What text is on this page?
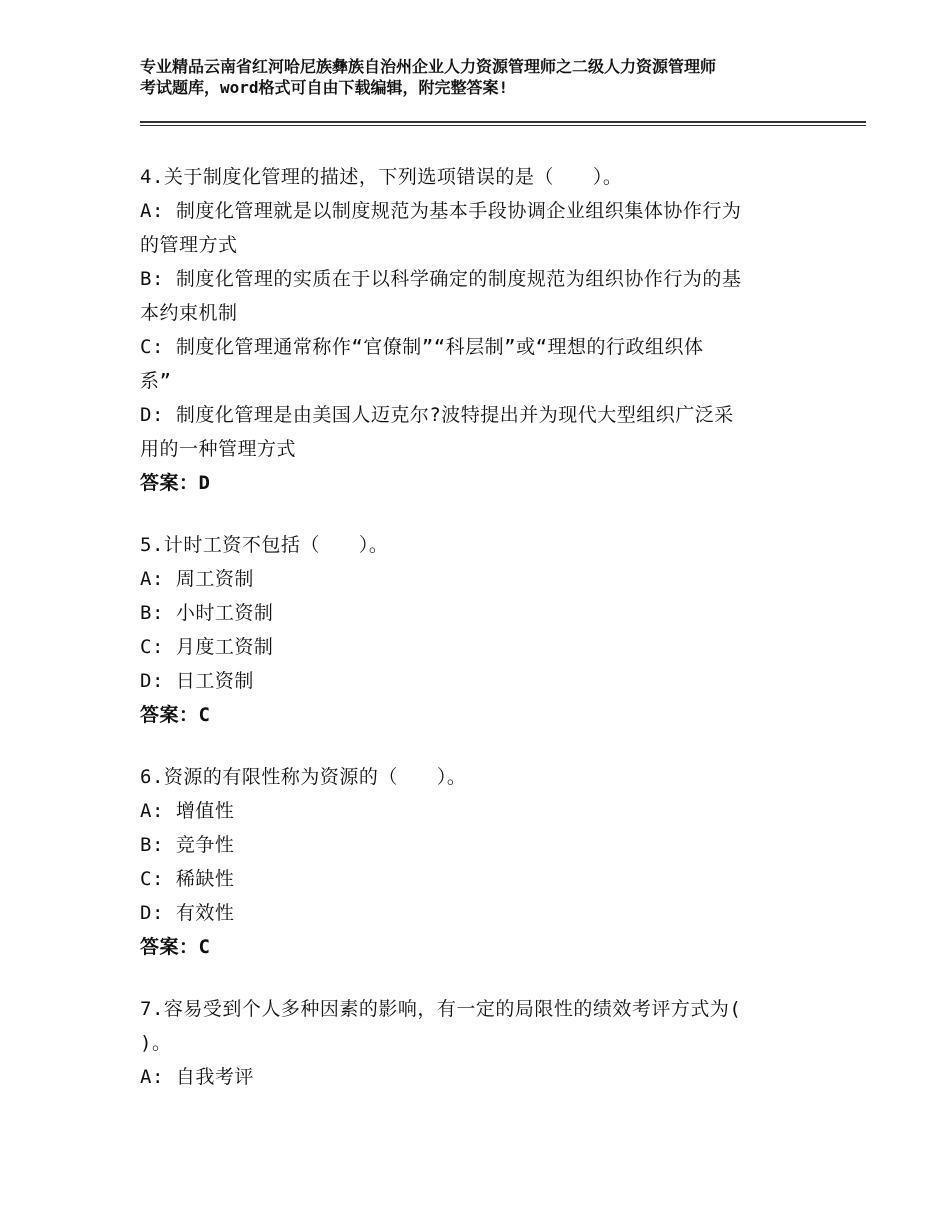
专业精品云南省红河哈尼族彝族自治州企业人力资源管理师之二级人力资源管理师
考试题库，word格式可自由下载编辑，附完整答案!
4.关于制度化管理的描述，下列选项错误的是（　　）。
A: 制度化管理就是以制度规范为基本手段协调企业组织集体协作行为
的管理方式
B: 制度化管理的实质在于以科学确定的制度规范为组织协作行为的基
本约束机制
C: 制度化管理通常称作“官僚制”“科层制”或“理想的行政组织体
系”
D: 制度化管理是由美国人迈克尔?波特提出并为现代大型组织广泛采
用的一种管理方式
答案：D
5.计时工资不包括（　　）。
A: 周工资制
B: 小时工资制
C: 月度工资制
D: 日工资制
答案：C
6.资源的有限性称为资源的（　　）。
A: 增值性
B: 竞争性
C: 稀缺性
D: 有效性
答案：C
7.容易受到个人多种因素的影响，有一定的局限性的绩效考评方式为(
)。
A: 自我考评
